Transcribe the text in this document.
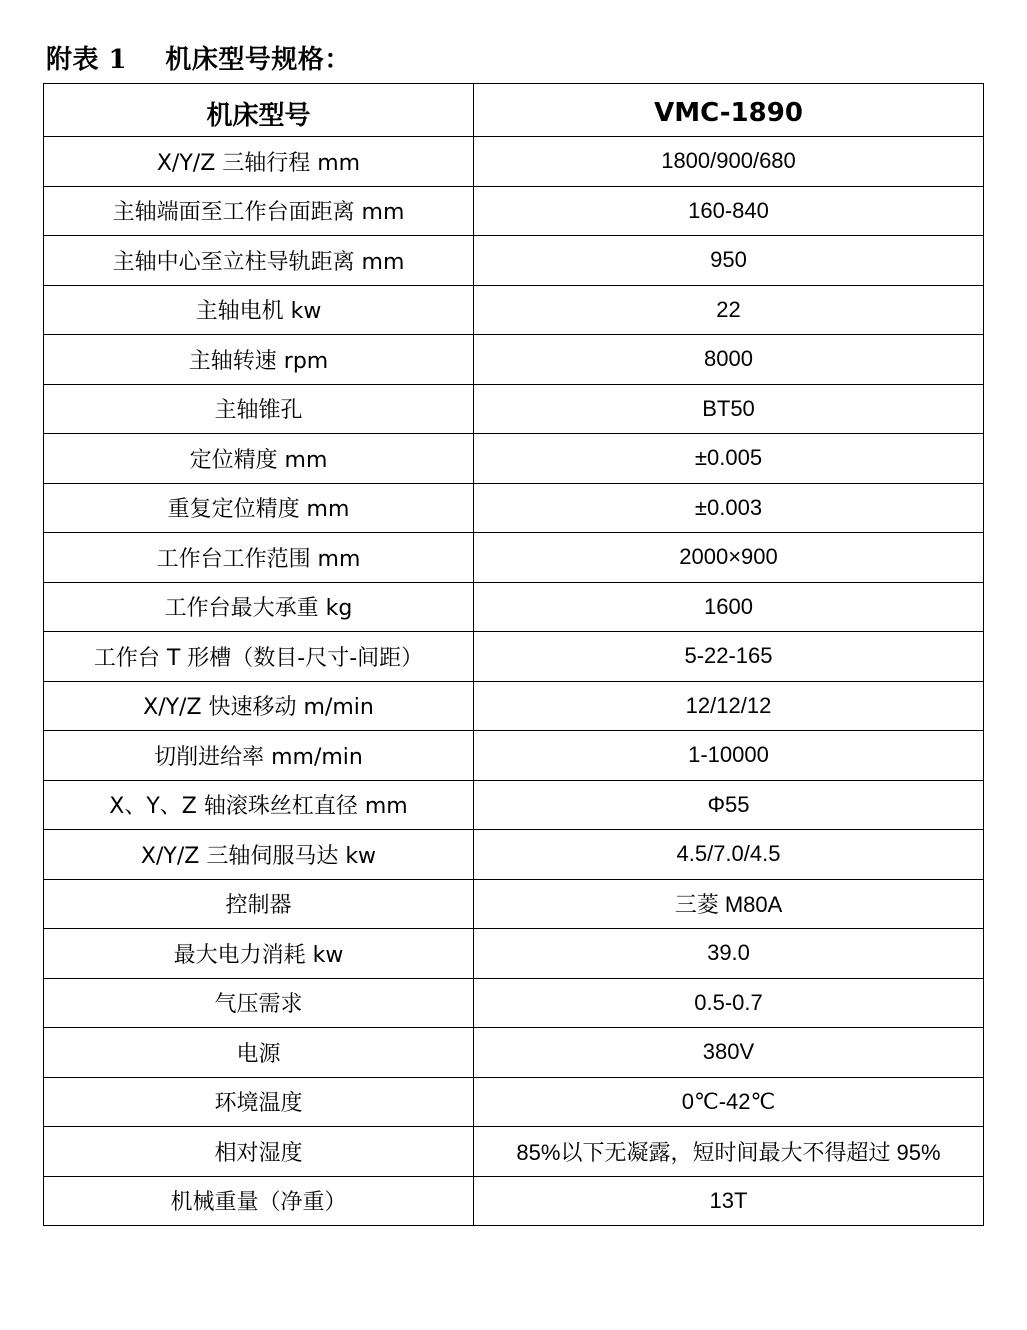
附表 1    机床型号规格：
机床型号	VMC-1890
X/Y/Z 三轴行程 mm	1800/900/680
主轴端面至工作台面距离 mm	160-840
主轴中心至立柱导轨距离 mm	950
主轴电机 kw	22
主轴转速 rpm	8000
主轴锥孔	BT50
定位精度 mm	±0.005
重复定位精度 mm	±0.003
工作台工作范围 mm	2000×900
工作台最大承重 kg	1600
工作台 T 形槽（数目-尺寸-间距）	5-22-165
X/Y/Z 快速移动 m/min	12/12/12
切削进给率 mm/min	1-10000
X、Y、Z 轴滚珠丝杠直径 mm	Φ55
X/Y/Z 三轴伺服马达 kw	4.5/7.0/4.5
控制器	三菱 M80A
最大电力消耗 kw	39.0
气压需求	0.5-0.7
电源	380V
环境温度	0℃-42℃
相对湿度	85%以下无凝露，短时间最大不得超过 95%
机械重量（净重）	13T
